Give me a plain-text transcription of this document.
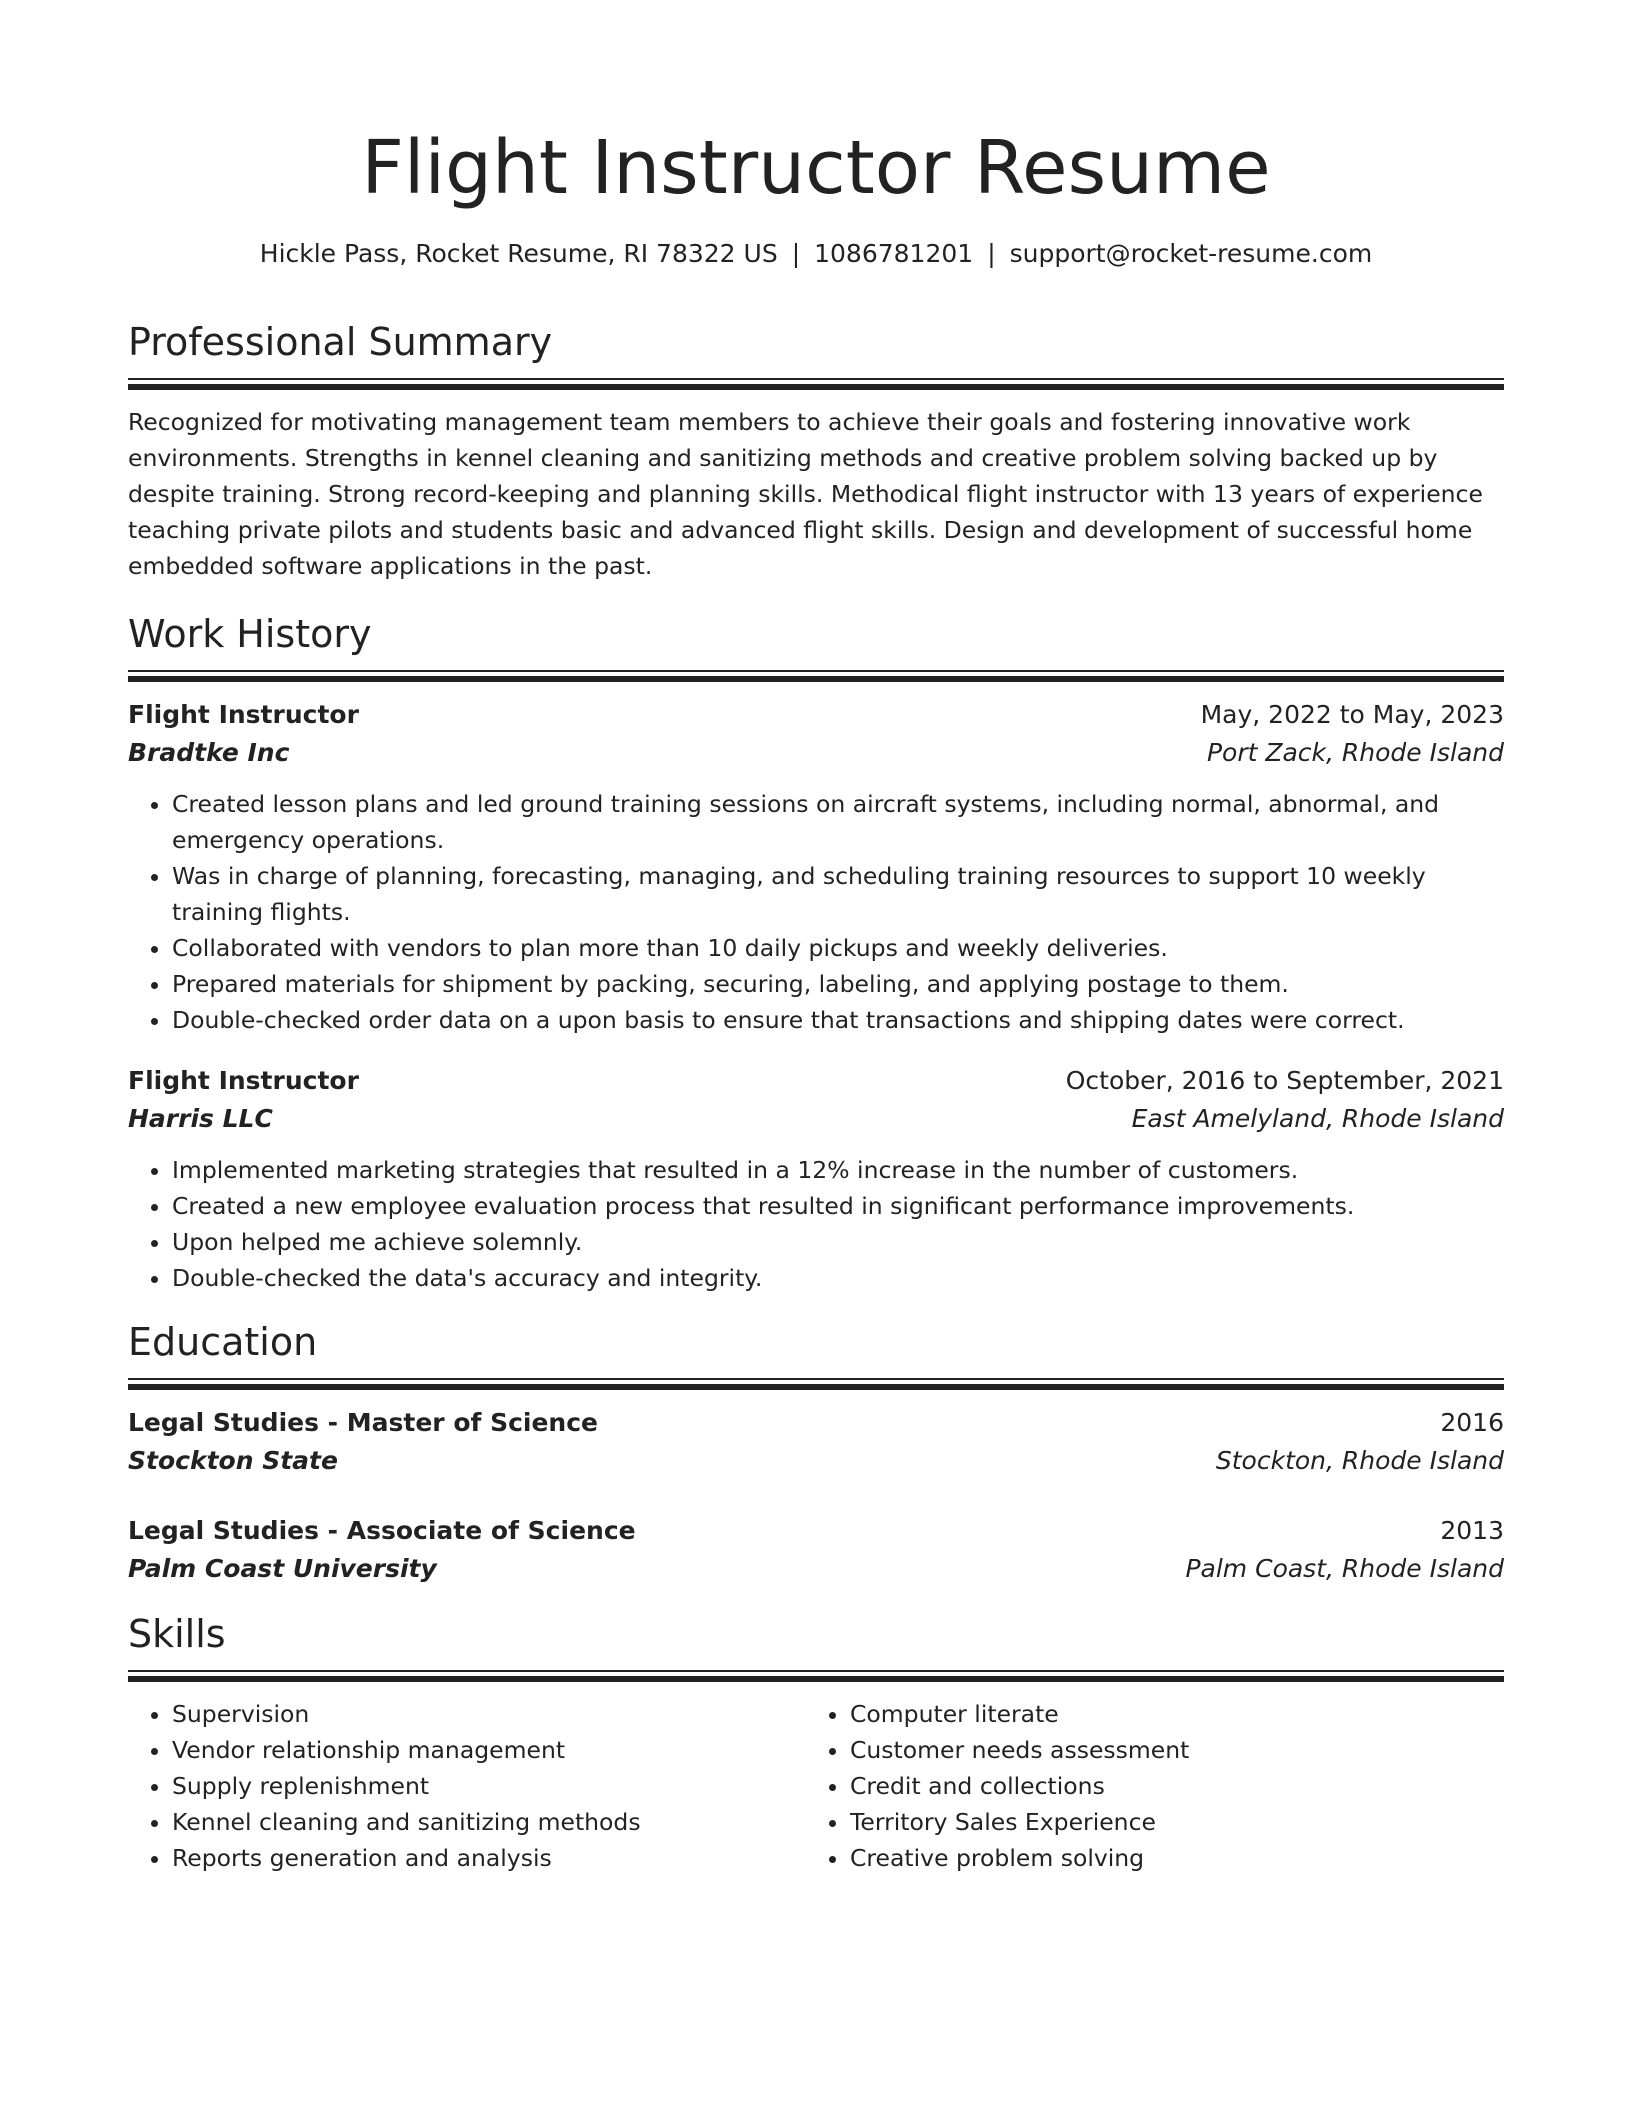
Flight Instructor Resume
Hickle Pass, Rocket Resume, RI 78322 US | 1086781201 | support@rocket-resume.com
Professional Summary

Recognized for motivating management team members to achieve their goals and fostering innovative work environments. Strengths in kennel cleaning and sanitizing methods and creative problem solving backed up by despite training. Strong record-keeping and planning skills. Methodical flight instructor with 13 years of experience teaching private pilots and students basic and advanced flight skills. Design and development of successful home embedded software applications in the past.

Work History
Flight Instructor	May, 2022 to May, 2023
Bradtke Inc	Port Zack, Rhode Island
• Created lesson plans and led ground training sessions on aircraft systems, including normal, abnormal, and emergency operations.
• Was in charge of planning, forecasting, managing, and scheduling training resources to support 10 weekly training flights.
• Collaborated with vendors to plan more than 10 daily pickups and weekly deliveries.
• Prepared materials for shipment by packing, securing, labeling, and applying postage to them.
• Double-checked order data on a upon basis to ensure that transactions and shipping dates were correct.
Flight Instructor	October, 2016 to September, 2021
Harris LLC	East Amelyland, Rhode Island
• Implemented marketing strategies that resulted in a 12% increase in the number of customers.
• Created a new employee evaluation process that resulted in significant performance improvements.
• Upon helped me achieve solemnly.
• Double-checked the data's accuracy and integrity.
Education
Legal Studies - Master of Science	2016
Stockton State	Stockton, Rhode Island
Legal Studies - Associate of Science	2013
Palm Coast University	Palm Coast, Rhode Island
Skills
• Supervision
• Vendor relationship management
• Supply replenishment
• Kennel cleaning and sanitizing methods
• Reports generation and analysis
• Computer literate
• Customer needs assessment
• Credit and collections
• Territory Sales Experience
• Creative problem solving
